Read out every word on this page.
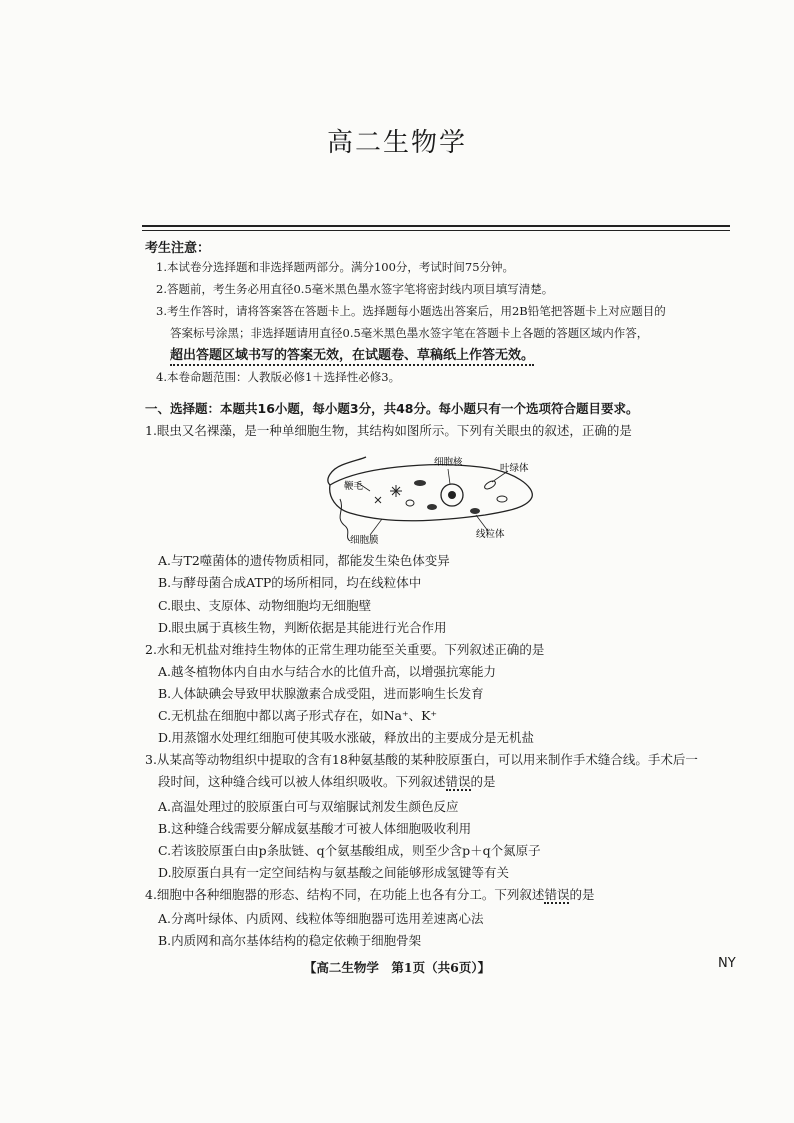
高二生物学
考生注意：
1.本试卷分选择题和非选择题两部分。满分100分，考试时间75分钟。
2.答题前，考生务必用直径0.5毫米黑色墨水签字笔将密封线内项目填写清楚。
3.考生作答时，请将答案答在答题卡上。选择题每小题选出答案后，用2B铅笔把答题卡上对应题目的
答案标号涂黑；非选择题请用直径0.5毫米黑色墨水签字笔在答题卡上各题的答题区域内作答，
超出答题区域书写的答案无效，在试题卷、草稿纸上作答无效。
4.本卷命题范围：人教版必修1＋选择性必修3。
一、选择题：本题共16小题，每小题3分，共48分。每小题只有一个选项符合题目要求。
1.眼虫又名裸藻，是一种单细胞生物，其结构如图所示。下列有关眼虫的叙述，正确的是
细胞核
叶绿体
鞭毛
细胞膜
线粒体
A.与T2噬菌体的遗传物质相同，都能发生染色体变异
B.与酵母菌合成ATP的场所相同，均在线粒体中
C.眼虫、支原体、动物细胞均无细胞壁
D.眼虫属于真核生物，判断依据是其能进行光合作用
2.水和无机盐对维持生物体的正常生理功能至关重要。下列叙述正确的是
A.越冬植物体内自由水与结合水的比值升高，以增强抗寒能力
B.人体缺碘会导致甲状腺激素合成受阻，进而影响生长发育
C.无机盐在细胞中都以离子形式存在，如Na⁺、K⁺
D.用蒸馏水处理红细胞可使其吸水涨破，释放出的主要成分是无机盐
3.从某高等动物组织中提取的含有18种氨基酸的某种胶原蛋白，可以用来制作手术缝合线。手术后一
段时间，这种缝合线可以被人体组织吸收。下列叙述错误的是
A.高温处理过的胶原蛋白可与双缩脲试剂发生颜色反应
B.这种缝合线需要分解成氨基酸才可被人体细胞吸收利用
C.若该胶原蛋白由p条肽链、q个氨基酸组成，则至少含p＋q个氮原子
D.胶原蛋白具有一定空间结构与氨基酸之间能够形成氢键等有关
4.细胞中各种细胞器的形态、结构不同，在功能上也各有分工。下列叙述错误的是
A.分离叶绿体、内质网、线粒体等细胞器可选用差速离心法
B.内质网和高尔基体结构的稳定依赖于细胞骨架
【高二生物学　第1页（共6页）】	NY
